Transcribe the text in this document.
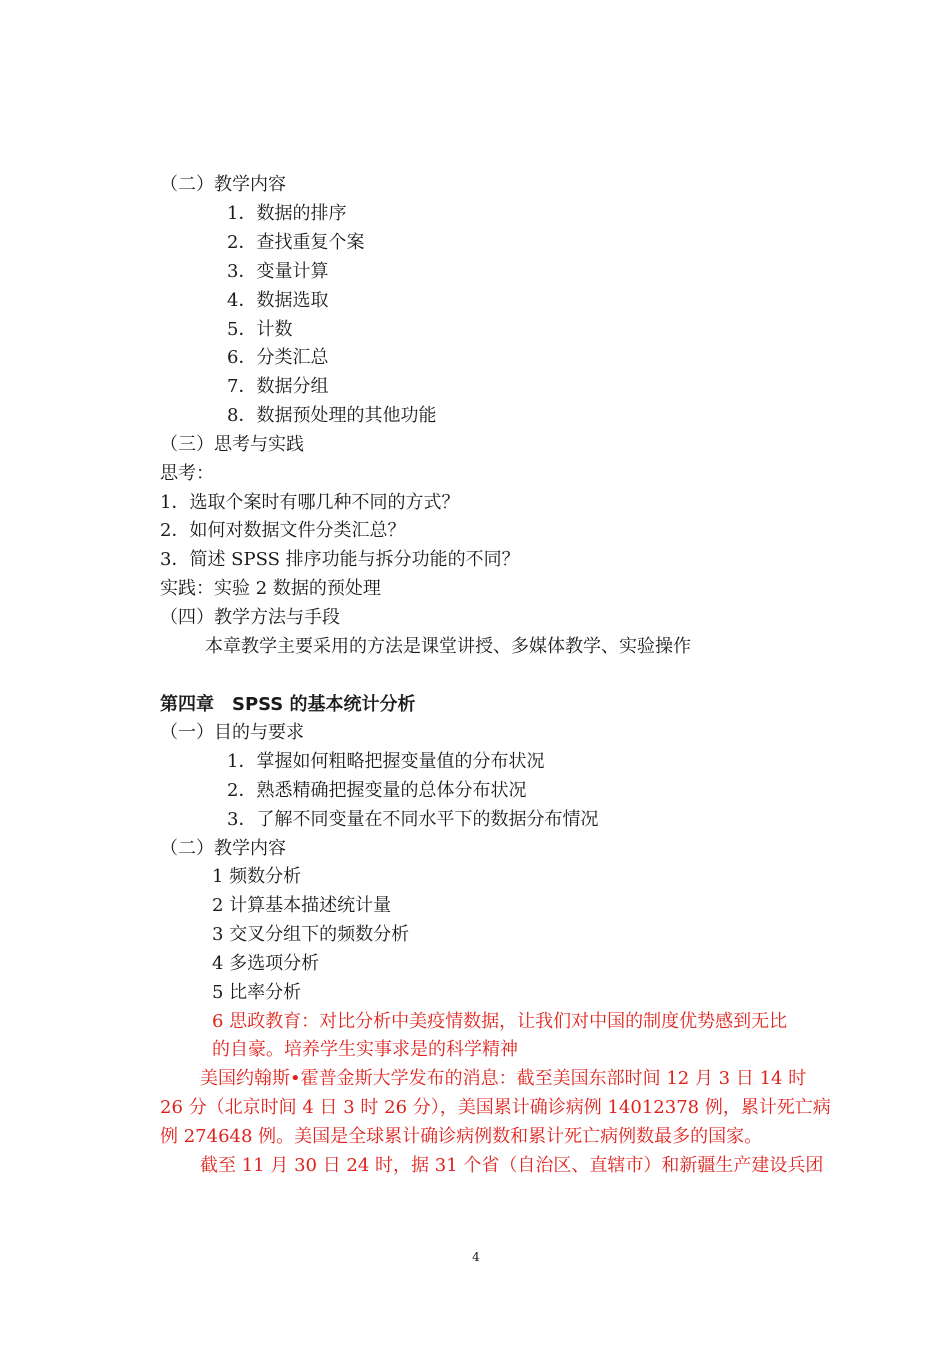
（二）教学内容
1．数据的排序
2．查找重复个案
3．变量计算
4．数据选取
5．计数
6．分类汇总
7．数据分组
8．数据预处理的其他功能
（三）思考与实践
思考：
1．选取个案时有哪几种不同的方式？
2．如何对数据文件分类汇总？
3．简述 SPSS 排序功能与拆分功能的不同？
实践：实验 2 数据的预处理
（四）教学方法与手段
本章教学主要采用的方法是课堂讲授、多媒体教学、实验操作
第四章　SPSS 的基本统计分析
（一）目的与要求
1．掌握如何粗略把握变量值的分布状况
2．熟悉精确把握变量的总体分布状况
3．了解不同变量在不同水平下的数据分布情况
（二）教学内容
1 频数分析
2 计算基本描述统计量
3 交叉分组下的频数分析
4 多选项分析
5 比率分析
6 思政教育：对比分析中美疫情数据，让我们对中国的制度优势感到无比
的自豪。培养学生实事求是的科学精神
美国约翰斯•霍普金斯大学发布的消息：截至美国东部时间 12 月 3 日 14 时
26 分（北京时间 4 日 3 时 26 分），美国累计确诊病例 14012378 例，累计死亡病
例 274648 例。美国是全球累计确诊病例数和累计死亡病例数最多的国家。
截至 11 月 30 日 24 时，据 31 个省（自治区、直辖市）和新疆生产建设兵团
4
